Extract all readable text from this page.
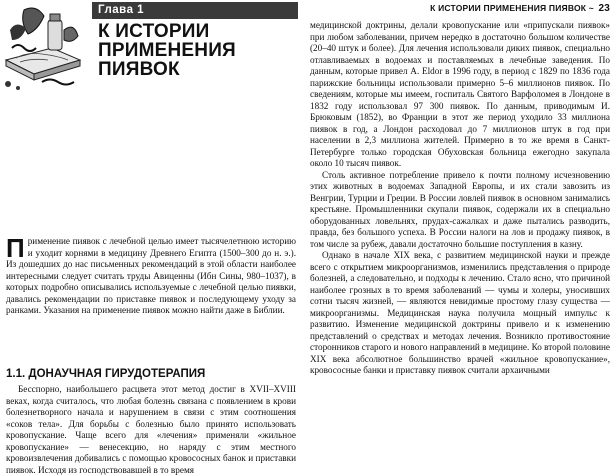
К ИСТОРИИ ПРИМЕНЕНИЯ ПИЯВОК ~ 23
Глава 1
К ИСТОРИИ
ПРИМЕНЕНИЯ
ПИЯВОК
Применение пиявок с лечебной целью имеет тысячелетнюю историю и уходит корнями в медицину Древнего Египта (1500–300 до н. э.). Из дошедших до нас письменных рекомендаций в этой области наиболее интересными следует считать труды Авиценны (Ибн Сины, 980–1037), в которых подробно описывались используемые с лечебной целью пиявки, давались рекомендации по приставке пиявок и последующему уходу за ранками. Указания на применение пиявок можно найти даже в Библии.
1.1. ДОНАУЧНАЯ ГИРУДОТЕРАПИЯ

Бесспорно, наибольшего расцвета этот метод достиг в XVII–XVIII веках, когда считалось, что любая болезнь связана с появлением в крови болезнетворного начала и нарушением в связи с этим соотношения «соков тела». Для борьбы с болезнью было принято использовать кровопускание. Чаще всего для «лечения» применяли «жильное кровопускание» — венесекцию, но наряду с этим местного кровоизвлечения добивались с помощью кровососных банок и приставки пиявок. Исходя из господствовавшей в то время

медицинской доктрины, делали кровопускание или «припускали пиявок» при любом заболевании, причем нередко в достаточно большом количестве (20–40 штук и более). Для лечения использовали диких пиявок, специально отлавливаемых в водоемах и поставляемых в лечебные заведения. По данным, которые привел A. Eldor в 1996 году, в период с 1829 по 1836 года парижские больницы использовали примерно 5–6 миллионов пиявок. По сведениям, которые мы имеем, госпиталь Святого Варфоломея в Лондоне в 1832 году использовал 97 300 пиявок. По данным, приводимым И. Брюковым (1852), во Франции в этот же период уходило 33 миллиона пиявок в год, а Лондон расходовал до 7 миллионов штук в год при населении в 2,3 миллиона жителей. Примерно в то же время в Санкт-Петербурге только городская Обуховская больница ежегодно закупала около 10 тысяч пиявок.

Столь активное потребление привело к почти полному исчезновению этих животных в водоемах Западной Европы, и их стали завозить из Венгрии, Турции и Греции. В России ловлей пиявок в основном занимались крестьяне. Промышленники скупали пиявок, содержали их в специально оборудованных ловельнях, прудах-сажалках и даже пытались разводить, правда, без большого успеха. В России налоги на лов и продажу пиявок, в том числе за рубеж, давали достаточно большие поступления в казну.

Однако в начале XIX века, с развитием медицинской науки и прежде всего с открытием микроорганизмов, изменились представления о природе болезней, а следовательно, и подходы к лечению. Стало ясно, что причиной наиболее грозных в то время заболеваний — чумы и холеры, уносивших сотни тысяч жизней, — являются невидимые простому глазу существа — микроорганизмы. Медицинская наука получила мощный импульс к развитию. Изменение медицинской доктрины привело и к изменению представлений о средствах и методах лечения. Возникло противостояние сторонников старого и нового направлений в медицине. Ко второй половине XIX века абсолютное большинство врачей «жильное кровопускание», кровососные банки и приставку пиявок считали архаичными
